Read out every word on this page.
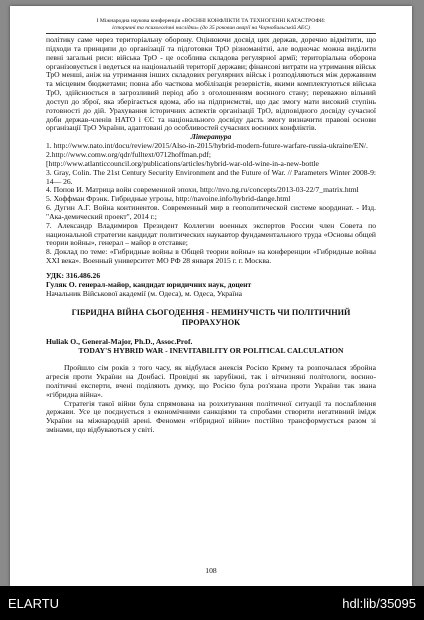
І Міжнародна наукова конференція «ВОЄННІ КОНФЛІКТИ ТА ТЕХНОГЕННІ КАТАСТРОФИ:
історичні та психологічні наслідки» (до 35 роковин аварії на Чорнобильській АЕС)

політику саме через територіальну оборону. Оцінюючи досвід цих держав, доречно відмітити, що підходи та принципи до організації та підготовки ТрО різноманітні, але водночас можна виділити певні загальні риси: війська ТрО - це особлива складова регулярної армії; територіальна оборона організовується і ведеться на національній території держави; фінансові витрати на утримання військ ТрО менші, аніж на утримання інших складових регулярних військ і розподіляються між державним та місцевим бюджетами; повна або часткова мобілізація резервістів, якими комплектуються війська ТрО, здійснюється в загрозливий період або з оголошенням воєнного стану; переважно вільний доступ до зброї, яка зберігається вдома, або на підприємстві, що дає змогу мати високий ступінь готовності до дій. Урахування історичних аспектів організації ТрО, відповідного досвіду сучасної доби держав-членів НАТО і ЄС та національного досвіду дасть змогу визначити правові основи організації ТрО України, адаптовані до особливостей сучасних воєнних конфліктів.

Література

1. http://www.nato.int/docu/review/2015/Also-in-2015/hybrid-modern-future-warfare-russia-ukraine/EN/.

2.http://www.comw.org/qdr/fulltext/0712hoffman.pdf; [http://www.atlanticcouncil.org/publications/articles/hybrid-war-old-wine-in-a-new-bottle

3. Gray, Colin. The 21st Century Security Environment and the Future of War. // Parameters Winter 2008-9: 14— 26.

4. Попов И. Матрица войн современной эпохи, http://nvo.ng.ru/concepts/2013-03-22/7_matrix.html

5. Хоффман Фрэнк. Гибридные угрозы, http://navoine.info/hybrid-dange.html

6. Дугин А.Г. Война континентов. Современный мир в геополитической системе координат. - Изд. "Ака-демический проект", 2014 г.;

7. Александр Владимиров Президент Коллегии военных экспертов России член Совета по национальной стратегии кандидат политических наукавтор фундаментального труда «Основы общей теории войны», генерал – майор в отставке;

8. Доклад по теме: «Гибридные войны в Общей теории войны» на конференции «Гибридные войны XXI века». Военный университет МО РФ 28 января 2015 г. г. Москва.

УДК: 316.486.26

Гуляк О. генерал-майор, кандидат юридичних наук, доцент

Начальник Військової академії (м. Одеса), м. Одеса, Україна

ГІБРИДНА ВІЙНА СЬОГОДЕННЯ - НЕМИНУЧІСТЬ ЧИ ПОЛІТИЧНИЙ ПРОРАХУНОК

Huliak O., General-Major, Ph.D., Assoc.Prof.

TODAY'S HYBRID WAR - INEVITABILITY OR POLITICAL CALCULATION

Пройшло сім років з того часу, як відбулася анексія Росією Криму та розпочалася збройна агресія проти України на Донбасі. Провідні як зарубіжні, так і вітчизняні політологи, воєнно-політичні експерти, вчені поділяють думку, що Росією була роз'язана проти України так звана «гібридна війна».

Стратегія такої війни була спрямована на розхитування політичної ситуації та послаблення держави. Усе це поєднується з економічними санкціями та спробами створити негативний імідж України на міжнародній арені. Феномен «гібридної війни» постійно трансформується разом зі змінами, що відбуваються у світі.

108
ELARTU	hdl:lib/35095
